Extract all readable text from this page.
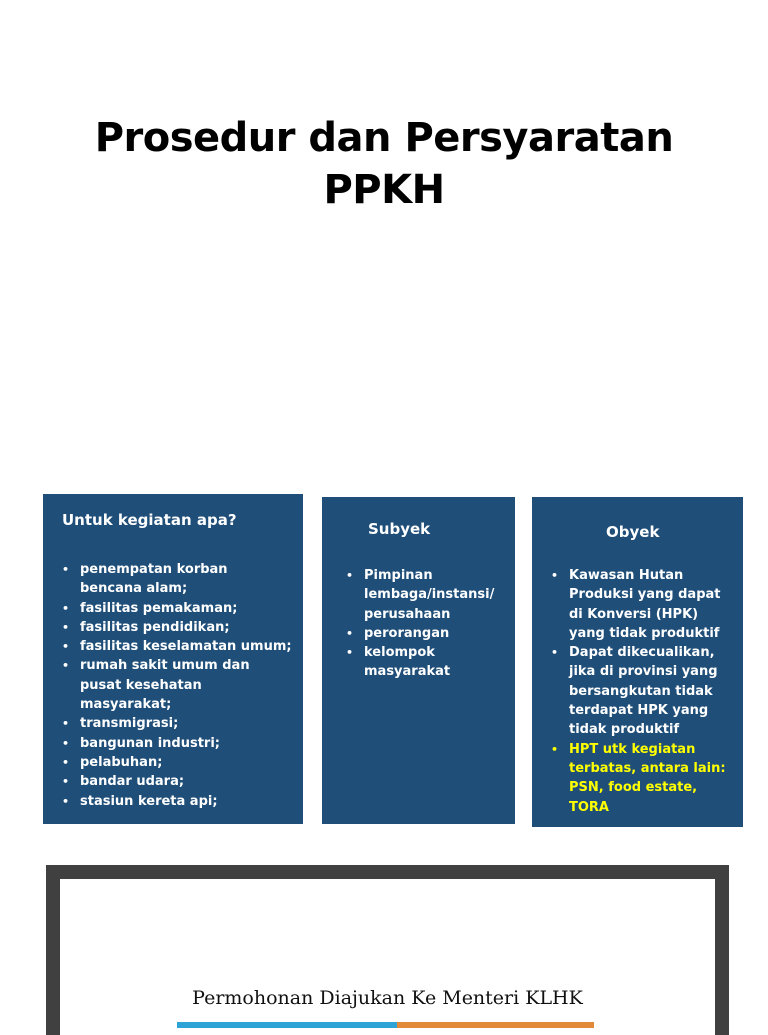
Prosedur dan Persyaratan
PPKH
Untuk kegiatan apa?
• penempatan korban
bencana alam;
• fasilitas pemakaman;
• fasilitas pendidikan;
• fasilitas keselamatan umum;
• rumah sakit umum dan
pusat kesehatan
masyarakat;
• transmigrasi;
• bangunan industri;
• pelabuhan;
• bandar udara;
• stasiun kereta api;
Subyek
• Pimpinan
lembaga/instansi/
perusahaan
• perorangan
• kelompok
masyarakat
Obyek
• Kawasan Hutan
Produksi yang dapat
di Konversi (HPK)
yang tidak produktif
• Dapat dikecualikan,
jika di provinsi yang
bersangkutan tidak
terdapat HPK yang
tidak produktif
• HPT utk kegiatan
terbatas, antara lain:
PSN, food estate,
TORA
Permohonan Diajukan Ke Menteri KLHK
